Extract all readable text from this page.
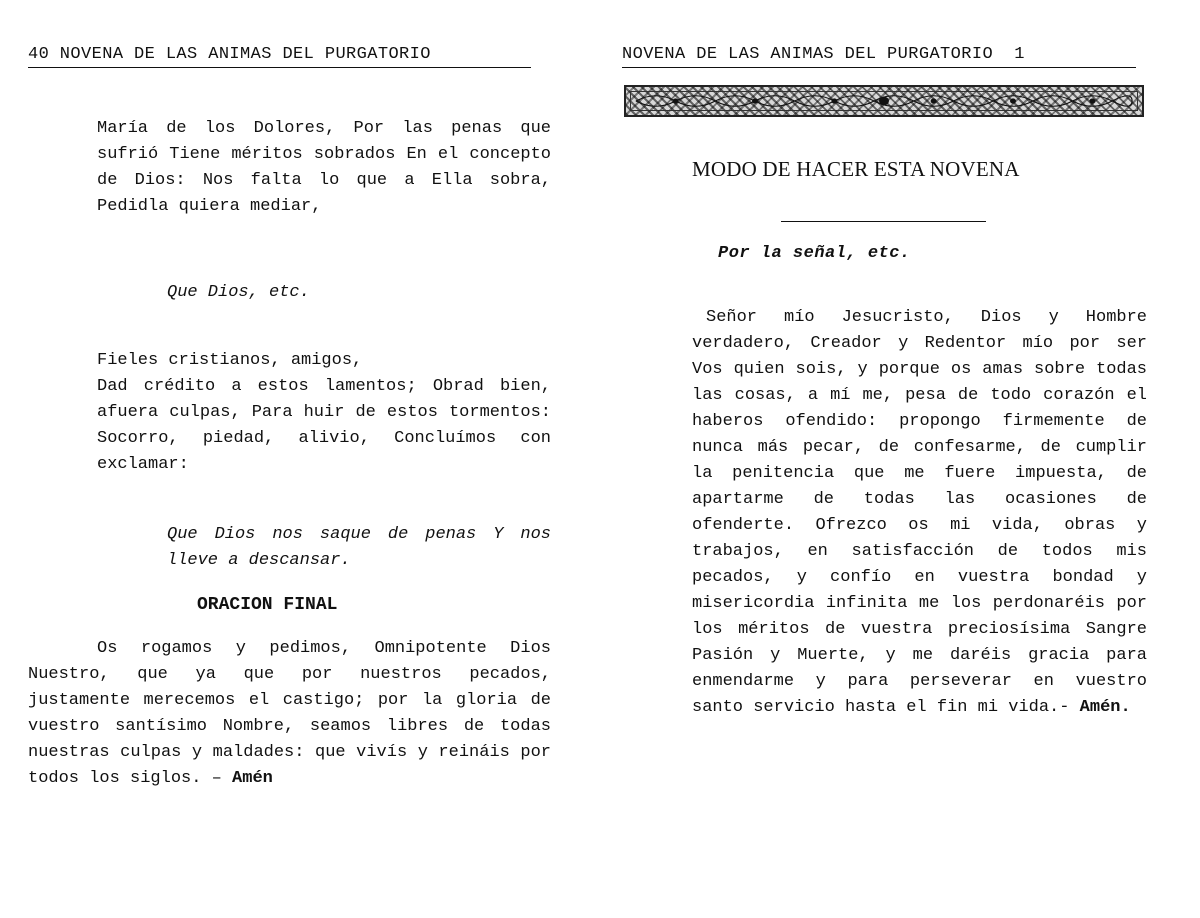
40 NOVENA DE LAS ANIMAS DEL PURGATORIO

María de los Dolores, Por las penas que sufrió Tiene méritos sobrados En el concepto de Dios: Nos falta lo que a Ella sobra, Pedidla quiera mediar,

Que Dios, etc.

Fieles cristianos, amigos,

Dad crédito a estos lamentos; Obrad bien, afuera culpas, Para huir de estos tormentos: Socorro, piedad, alivio, Concluímos con exclamar:

Que Dios nos saque de penas Y nos lleve a descansar.

ORACION FINAL

Os rogamos y pedimos, Omnipotente Dios Nuestro, que ya que por nuestros pecados, justamente merecemos el castigo; por la gloria de vuestro santísimo Nombre, seamos libres de todas nuestras culpas y maldades: que vivís y reináis por todos los siglos. – Amén

NOVENA DE LAS ANIMAS DEL PURGATORIO  1
MODO DE HACER ESTA NOVENA
Por la señal, etc.

Señor mío Jesucristo, Dios y Hombre verdadero, Creador y Redentor mío por ser Vos quien sois, y porque os amas sobre todas las cosas, a mí me, pesa de todo corazón el haberos ofendido: propongo firmemente de nunca más pecar, de confesarme, de cumplir la penitencia que me fuere impuesta, de apartarme de todas las ocasiones de ofenderte. Ofrezco os mi vida, obras y trabajos, en satisfacción de todos mis pecados, y confío en vuestra bondad y misericordia infinita me los perdonaréis por los méritos de vuestra preciosísima Sangre Pasión y Muerte, y me daréis gracia para enmendarme y para perseverar en vuestro santo servicio hasta el fin mi vida.- Amén.
